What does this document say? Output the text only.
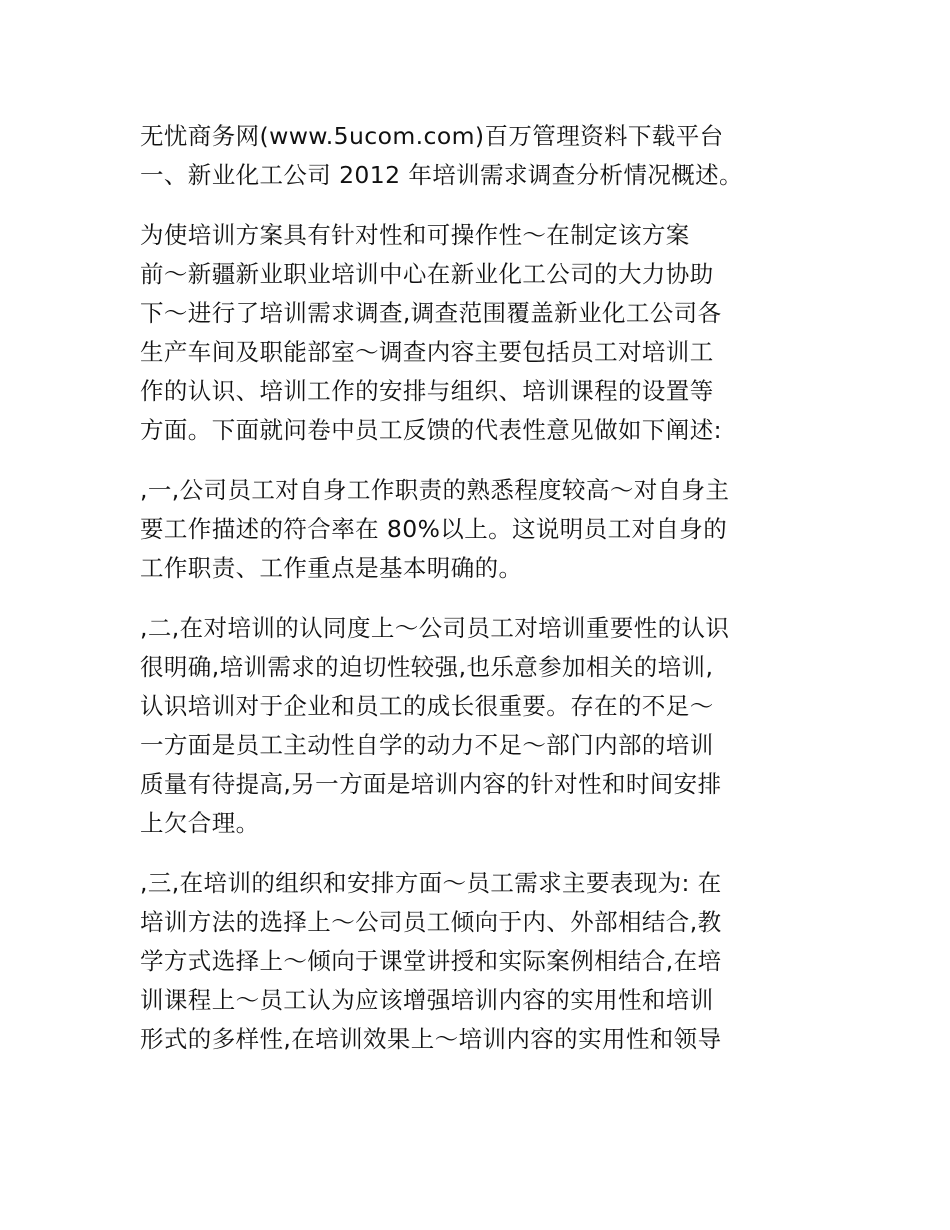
无忧商务网(www.5ucom.com)百万管理资料下载平台

一、新业化工公司 2012 年培训需求调查分析情况概述。

为使培训方案具有针对性和可操作性～在制定该方案

前～新疆新业职业培训中心在新业化工公司的大力协助

下～进行了培训需求调查,调查范围覆盖新业化工公司各

生产车间及职能部室～调查内容主要包括员工对培训工

作的认识、培训工作的安排与组织、培训课程的设置等

方面。下面就问卷中员工反馈的代表性意见做如下阐述:

,一,公司员工对自身工作职责的熟悉程度较高～对自身主

要工作描述的符合率在 80%以上。这说明员工对自身的

工作职责、工作重点是基本明确的。

,二,在对培训的认同度上～公司员工对培训重要性的认识

很明确,培训需求的迫切性较强,也乐意参加相关的培训,

认识培训对于企业和员工的成长很重要。存在的不足～

一方面是员工主动性自学的动力不足～部门内部的培训

质量有待提高,另一方面是培训内容的针对性和时间安排

上欠合理。

,三,在培训的组织和安排方面～员工需求主要表现为: 在

培训方法的选择上～公司员工倾向于内、外部相结合,教

学方式选择上～倾向于课堂讲授和实际案例相结合,在培

训课程上～员工认为应该增强培训内容的实用性和培训

形式的多样性,在培训效果上～培训内容的实用性和领导
